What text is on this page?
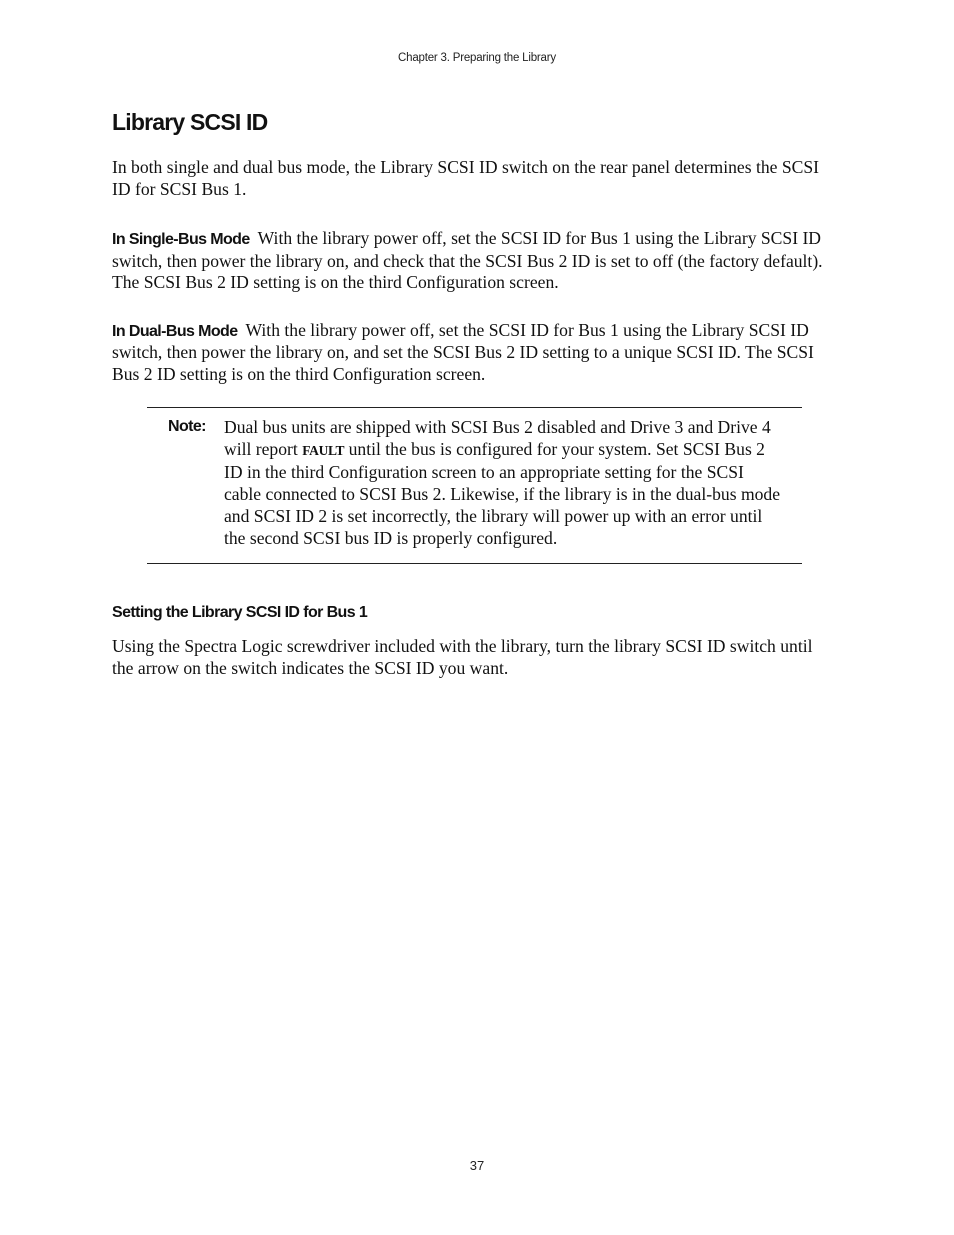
Chapter 3. Preparing the Library
Library SCSI ID

In both single and dual bus mode, the Library SCSI ID switch on the rear panel determines the SCSI ID for SCSI Bus 1.

In Single-Bus Mode With the library power off, set the SCSI ID for Bus 1 using the Library SCSI ID switch, then power the library on, and check that the SCSI Bus 2 ID is set to off (the factory default). The SCSI Bus 2 ID setting is on the third Configuration screen.

In Dual-Bus Mode With the library power off, set the SCSI ID for Bus 1 using the Library SCSI ID switch, then power the library on, and set the SCSI Bus 2 ID setting to a unique SCSI ID. The SCSI Bus 2 ID setting is on the third Configuration screen.

Note: Dual bus units are shipped with SCSI Bus 2 disabled and Drive 3 and Drive 4 will report FAULT until the bus is configured for your system. Set SCSI Bus 2 ID in the third Configuration screen to an appropriate setting for the SCSI cable connected to SCSI Bus 2. Likewise, if the library is in the dual-bus mode and SCSI ID 2 is set incorrectly, the library will power up with an error until the second SCSI bus ID is properly configured.
Setting the Library SCSI ID for Bus 1

Using the Spectra Logic screwdriver included with the library, turn the library SCSI ID switch until the arrow on the switch indicates the SCSI ID you want.

37
